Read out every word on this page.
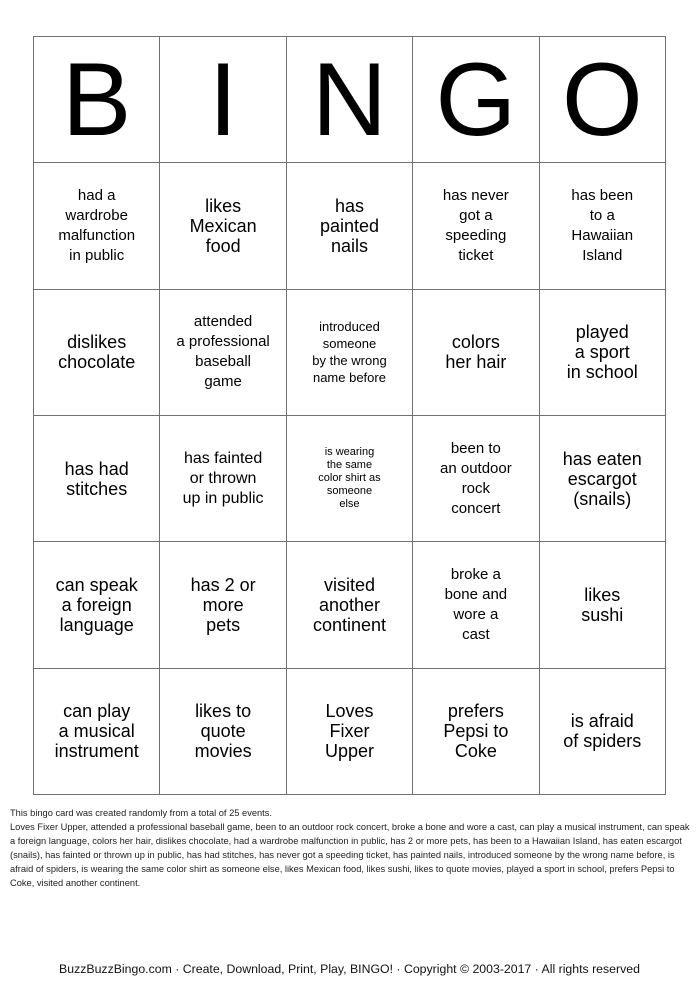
B	I	N	G	O

had a
wardrobe
malfunction
in public	likes
Mexican
food	has
painted
nails	has never
got a
speeding
ticket	has been
to a
Hawaiian
Island

dislikes
chocolate	attended
a professional
baseball
game	introduced
someone
by the wrong
name before	colors
her hair	played
a sport
in school

has had
stitches	has fainted
or thrown
up in public	is wearing
the same
color shirt as
someone
else	been to
an outdoor
rock
concert	has eaten
escargot
(snails)

can speak
a foreign
language	has 2 or
more
pets	visited
another
continent	broke a
bone and
wore a
cast	likes
sushi

can play
a musical
instrument	likes to
quote
movies	Loves
Fixer
Upper	prefers
Pepsi to
Coke	is afraid
of spiders

This bingo card was created randomly from a total of 25 events.

Loves Fixer Upper, attended a professional baseball game, been to an outdoor rock concert, broke a bone and wore a cast, can play a musical instrument, can speak a foreign language, colors her hair, dislikes chocolate, had a wardrobe malfunction in public, has 2 or more pets, has been to a Hawaiian Island, has eaten escargot (snails), has fainted or thrown up in public, has had stitches, has never got a speeding ticket, has painted nails, introduced someone by the wrong name before, is afraid of spiders, is wearing the same color shirt as someone else, likes Mexican food, likes sushi, likes to quote movies, played a sport in school, prefers Pepsi to Coke, visited another continent.

BuzzBuzzBingo.com · Create, Download, Print, Play, BINGO! · Copyright © 2003-2017 · All rights reserved
